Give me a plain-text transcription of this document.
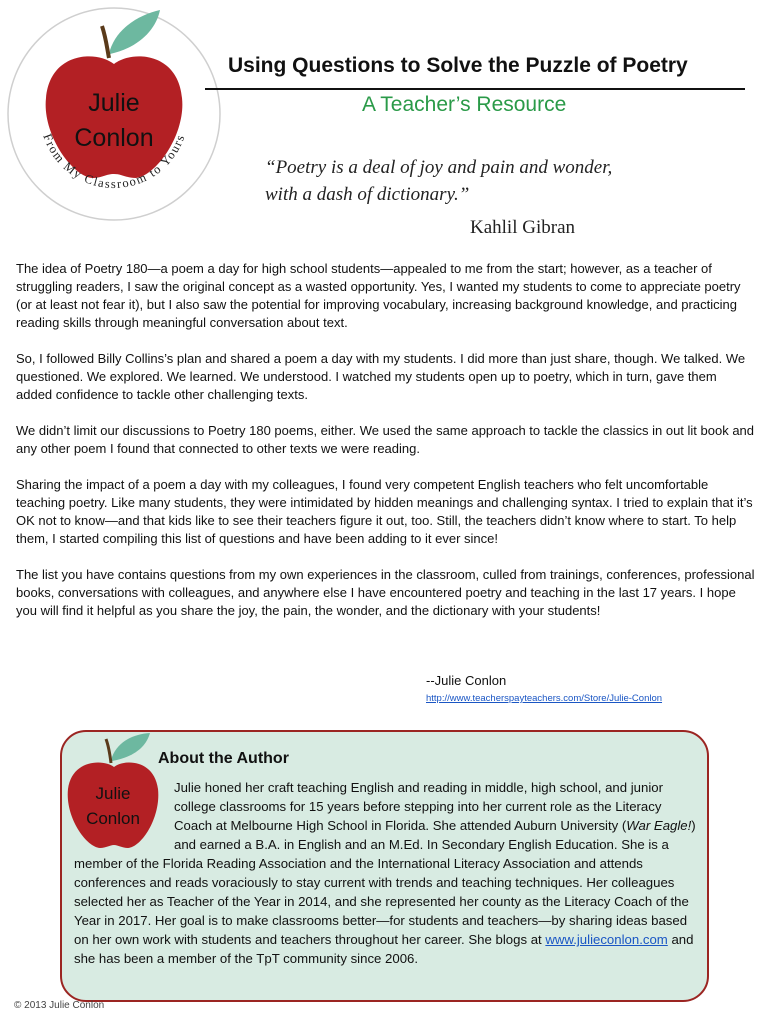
Julie
Conlon
From My Classroom to Yours
Using Questions to Solve the Puzzle of Poetry
A Teacher’s Resource
“Poetry is a deal of joy and pain and wonder,
with a dash of dictionary.”
Kahlil Gibran

The idea of Poetry 180—a poem a day for high school students—appealed to me from the start; however, as a teacher of struggling readers, I saw the original concept as a wasted opportunity. Yes, I wanted my students to come to appreciate poetry (or at least not fear it), but I also saw the potential for improving vocabulary, increasing background knowledge, and practicing reading skills through meaningful conversation about text.

So, I followed Billy Collins’s plan and shared a poem a day with my students. I did more than just share, though. We talked. We questioned. We explored. We learned. We understood. I watched my students open up to poetry, which in turn, gave them added confidence to tackle other challenging texts.

We didn’t limit our discussions to Poetry 180 poems, either. We used the same approach to tackle the classics in out lit book and any other poem I found that connected to other texts we were reading.

Sharing the impact of a poem a day with my colleagues, I found very competent English teachers who felt uncomfortable teaching poetry. Like many students, they were intimidated by hidden meanings and challenging syntax. I tried to explain that it’s OK not to know—and that kids like to see their teachers figure it out, too. Still, the teachers didn’t know where to start. To help them, I started compiling this list of questions and have been adding to it ever since!

The list you have contains questions from my own experiences in the classroom, culled from trainings, conferences, professional books, conversations with colleagues, and anywhere else I have encountered poetry and teaching in the last 17 years. I hope you will find it helpful as you share the joy, the pain, the wonder, and the dictionary with your students!

--Julie Conlon
http://www.teacherspayteachers.com/Store/Julie-Conlon
Julie
Conlon
About the Author
Julie honed her craft teaching English and reading in middle, high school, and junior college classrooms for 15 years before stepping into her current role as the Literacy Coach at Melbourne High School in Florida. She attended Auburn University (War Eagle!) and earned a B.A. in English and an M.Ed. In Secondary English Education. She is a member of the Florida Reading Association and the International Literacy Association and attends conferences and reads voraciously to stay current with trends and teaching techniques. Her colleagues selected her as Teacher of the Year in 2014, and she represented her county as the Literacy Coach of the Year in 2017. Her goal is to make classrooms better—for students and teachers—by sharing ideas based on her own work with students and teachers throughout her career. She blogs at www.julieconlon.com and she has been a member of the TpT community since 2006.
© 2013 Julie Conlon
